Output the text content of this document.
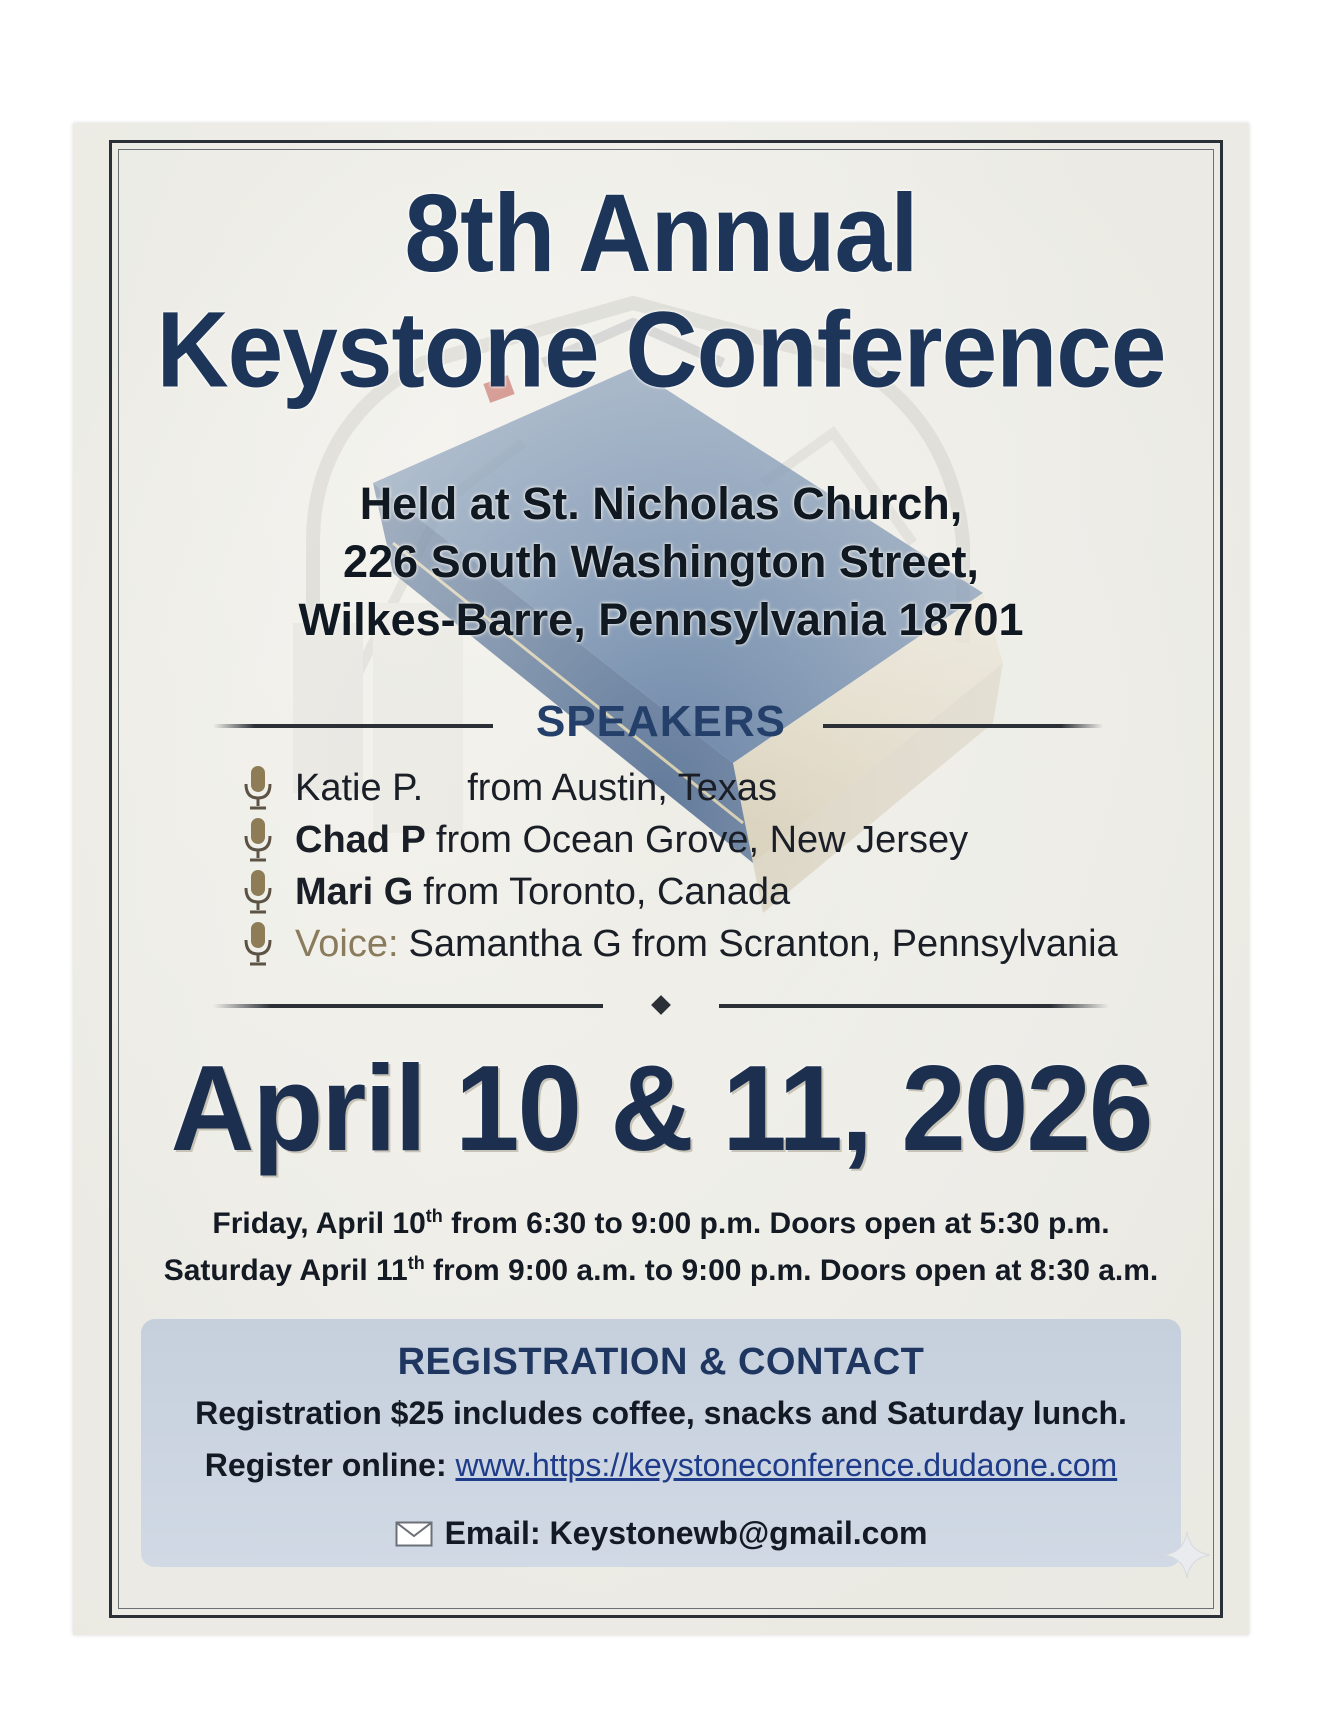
8th Annual
Keystone Conference
Held at St. Nicholas Church,
226 South Washington Street,
Wilkes-Barre, Pennsylvania 18701
SPEAKERS
Katie P. from Austin, Texas
Chad P from Ocean Grove, New Jersey
Mari G from Toronto, Canada
Voice: Samantha G from Scranton, Pennsylvania
April 10 & 11, 2026
Friday, April 10th from 6:30 to 9:00 p.m. Doors open at 5:30 p.m.
Saturday April 11th from 9:00 a.m. to 9:00 p.m. Doors open at 8:30 a.m.
REGISTRATION & CONTACT
Registration $25 includes coffee, snacks and Saturday lunch.
Register online: www.https://keystoneconference.dudaone.com
Email: Keystonewb@gmail.com
